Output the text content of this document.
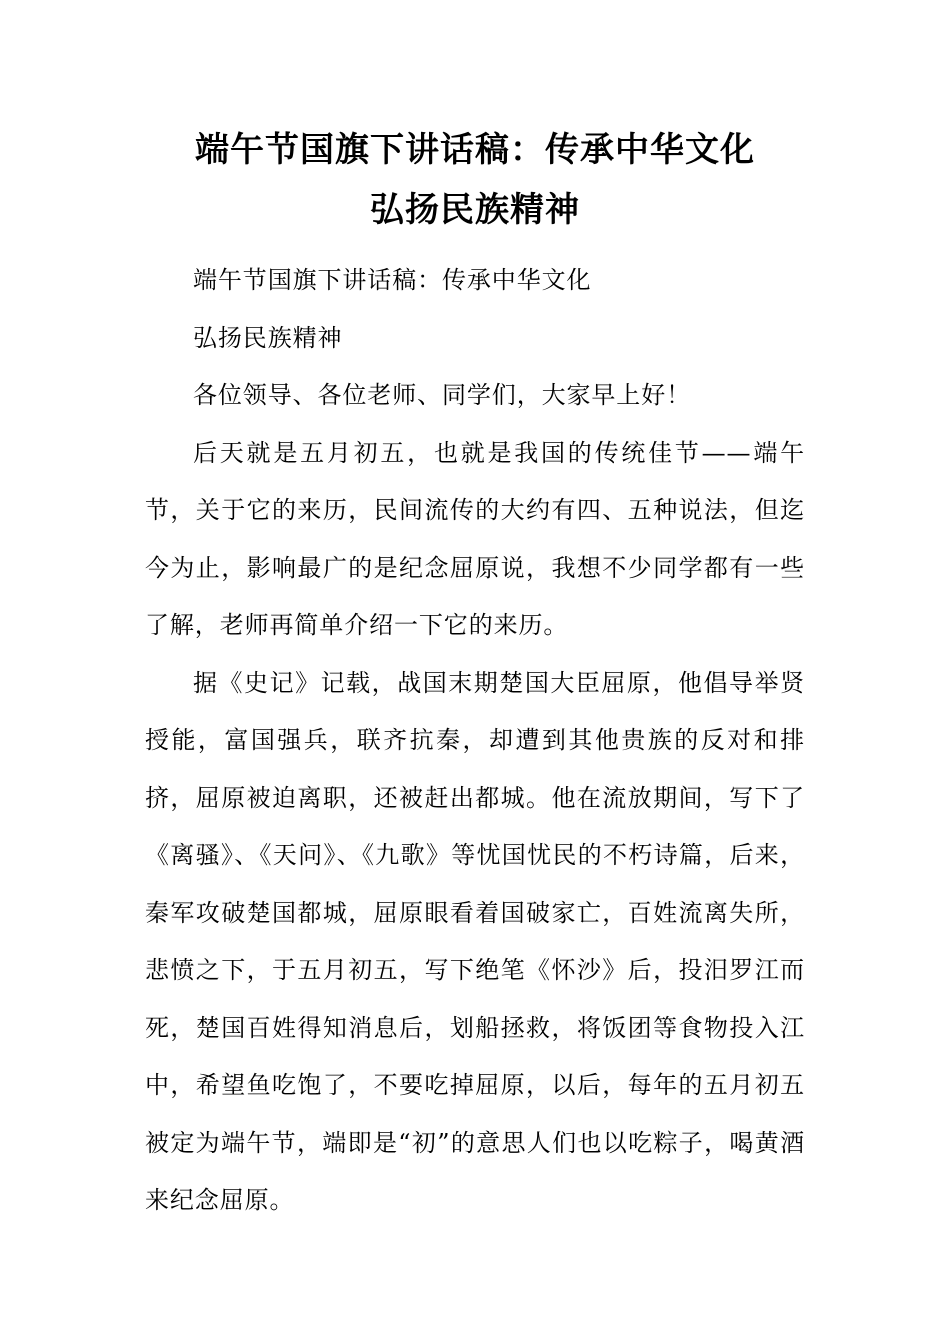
端午节国旗下讲话稿：传承中华文化
弘扬民族精神

端午节国旗下讲话稿：传承中华文化

弘扬民族精神

各位领导、各位老师、同学们，大家早上好！

后天就是五月初五，也就是我国的传统佳节——端午节，关于它的来历，民间流传的大约有四、五种说法，但迄今为止，影响最广的是纪念屈原说，我想不少同学都有一些了解，老师再简单介绍一下它的来历。

据《史记》记载，战国末期楚国大臣屈原，他倡导举贤授能，富国强兵，联齐抗秦，却遭到其他贵族的反对和排挤，屈原被迫离职，还被赶出都城。他在流放期间，写下了《离骚》、《天问》、《九歌》等忧国忧民的不朽诗篇，后来，秦军攻破楚国都城，屈原眼看着国破家亡，百姓流离失所，悲愤之下，于五月初五，写下绝笔《怀沙》后，投汨罗江而死，楚国百姓得知消息后，划船拯救，将饭团等食物投入江中，希望鱼吃饱了，不要吃掉屈原，以后，每年的五月初五被定为端午节，端即是“初”的意思人们也以吃粽子，喝黄酒来纪念屈原。
